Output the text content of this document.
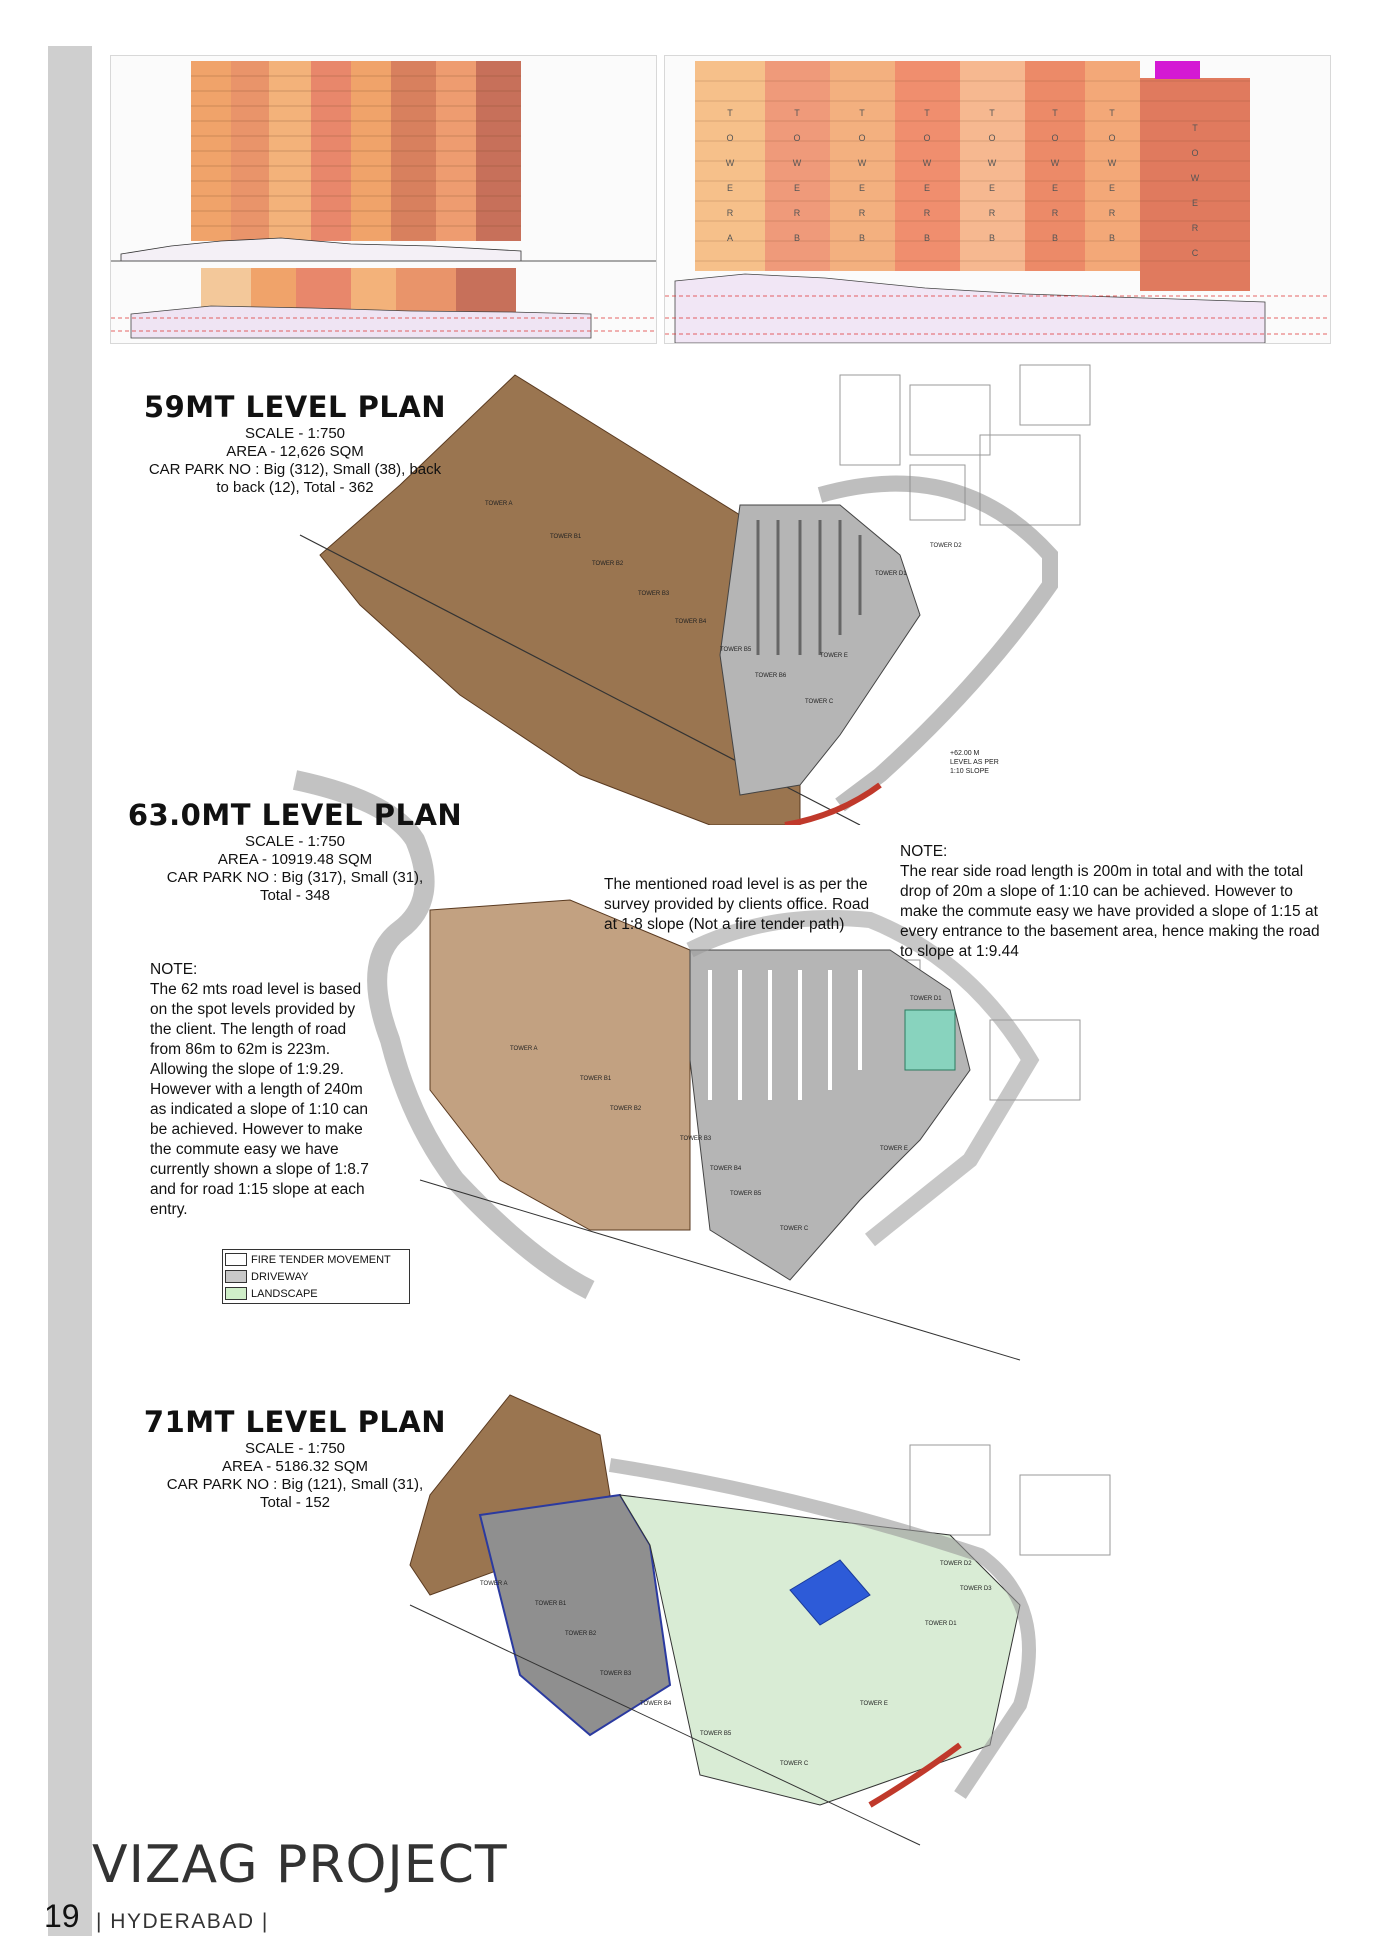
T
O
W
E
R
A
T
O
W
E
R
B
T
O
W
E
R
B
T
O
W
E
R
B
T
O
W
E
R
B
T
O
W
E
R
B
T
O
W
E
R
B
T
O
W
E
R
C
TOWER A
TOWER B1
TOWER B2
TOWER B3
TOWER B4
TOWER B5
TOWER B6
TOWER C
TOWER D1
TOWER D2
TOWER E
+62.00 M
LEVEL AS PER
1:10 SLOPE
59MT LEVEL PLAN
SCALE - 1:750
AREA - 12,626 SQM
CAR PARK NO : Big (312), Small (38), back
to back (12), Total - 362
TOWER A
TOWER B1
TOWER B2
TOWER B3
TOWER B4
TOWER B5
TOWER C
TOWER D1
TOWER E
63.0MT LEVEL PLAN
SCALE - 1:750
AREA - 10919.48 SQM
CAR PARK NO : Big (317), Small (31),
Total - 348
The mentioned road level is as per the survey provided by clients office. Road at 1:8 slope (Not a fire tender path)
NOTE:
The rear side road length is 200m in total and with the total drop of 20m a slope of 1:10 can be achieved. However to make the commute easy we have provided a slope of 1:15 at every entrance to the basement area, hence making the road to slope at 1:9.44
NOTE:
The 62 mts road level is based on the spot levels provided by the client. The length of road from 86m to 62m is 223m. Allowing the slope of 1:9.29. However with a length of 240m as indicated a slope of 1:10 can be achieved. However to make the commute easy we have currently shown a slope of 1:8.7 and for road 1:15 slope at each entry.
FIRE TENDER MOVEMENT
DRIVEWAY
LANDSCAPE
TOWER A
TOWER B1
TOWER B2
TOWER B3
TOWER B4
TOWER B5
TOWER C
TOWER D1
TOWER D2
TOWER D3
TOWER E
71MT LEVEL PLAN
SCALE - 1:750
AREA - 5186.32 SQM
CAR PARK NO : Big (121), Small (31),
Total - 152
19
VIZAG PROJECT
| HYDERABAD |
